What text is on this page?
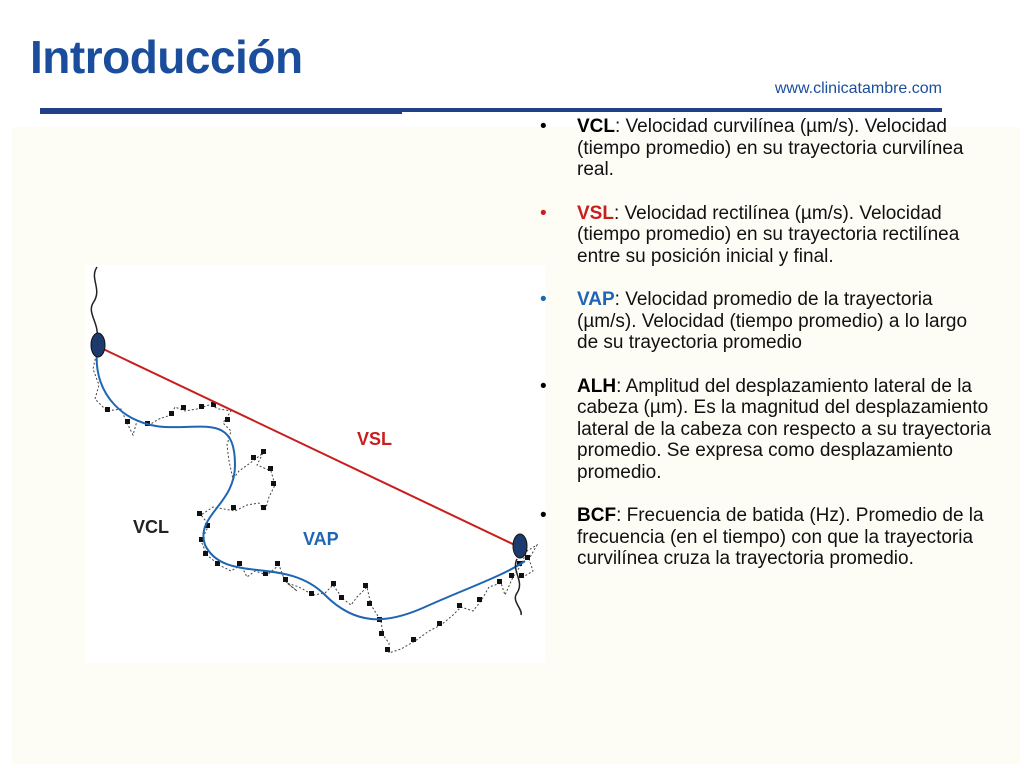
Introducción
www.clinicatambre.com
VSL
VCL
VAP
•	VCL: Velocidad curvilínea (µm/s). Velocidad (tiempo promedio) en su trayectoria curvilínea real.
•	VSL: Velocidad rectilínea (µm/s). Velocidad (tiempo promedio) en su trayectoria rectilínea entre su posición inicial y final.
•	VAP: Velocidad promedio de la trayectoria (µm/s). Velocidad (tiempo promedio) a lo largo de su trayectoria promedio
•	ALH: Amplitud del desplazamiento lateral de la cabeza (µm). Es la magnitud del desplazamiento lateral de la cabeza con respecto a su trayectoria promedio. Se expresa como desplazamiento promedio.
•	BCF: Frecuencia de batida (Hz). Promedio de la frecuencia (en el tiempo) con que la trayectoria curvilínea cruza la trayectoria promedio.
